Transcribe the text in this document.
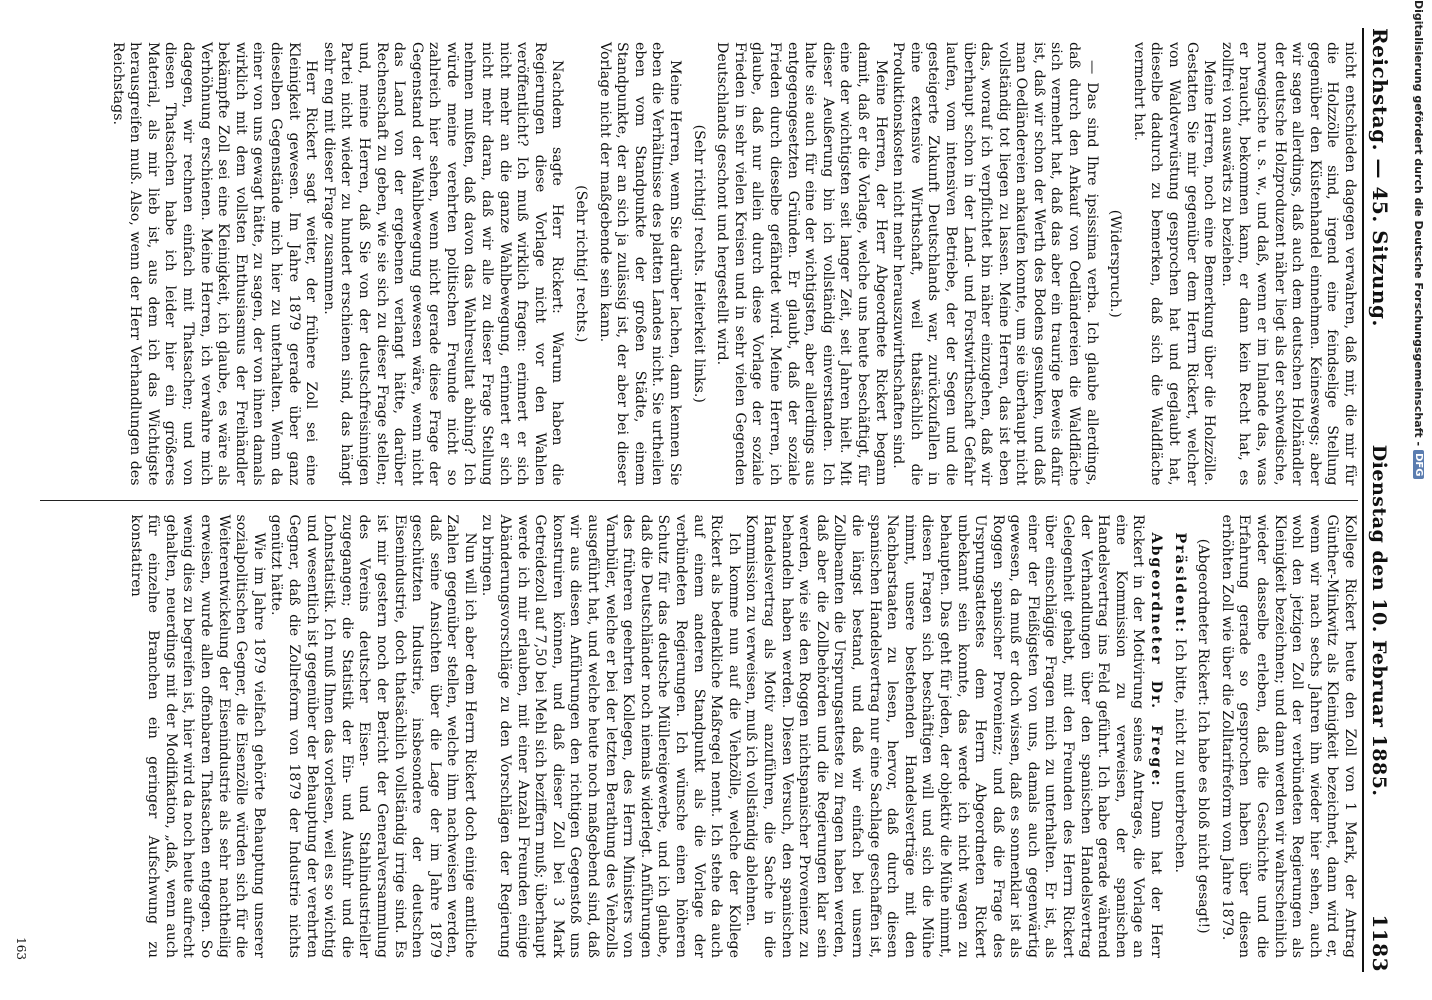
Reichstag. — 45. Sitzung.
Dienstag den 10. Februar 1885.
1183

nicht entschieden dagegen verwahren, daß mir, die mir für die Holzzölle sind, irgend eine feindselige Stellung gegenüber den Küstenhandel einnehmen. Keineswegs; aber wir sagen allerdings, daß auch dem deutschen Holzhändler der deutsche Holzproduzent näher liegt als der schwedische, norwegische u. s. w., und daß, wenn er im Inlande das, was er braucht, bekommen kann, er dann kein Recht hat, es zollfrei von auswärts zu beziehen.

Meine Herren, noch eine Bemerkung über die Holzzölle. Gestatten Sie mir gegenüber dem Herrn Rickert, welcher von Waldverwüstung gesprochen hat und geglaubt hat, dieselbe dadurch zu bemerken, daß sich die Waldfläche vermehrt hat.

(Widerspruch.)

— Das sind Ihre ipsissima verba. Ich glaube allerdings, daß durch den Ankauf von Oedländereien die Waldfläche sich vermehrt hat, daß das aber ein traurige Beweis dafür ist, daß wir schon der Werth des Bodens gesunken, und daß man Oedländereien ankaufen konnte, um sie überhaupt nicht vollständig tot liegen zu lassen. Meine Herren, das ist eben das, worauf ich verpflichtet bin näher einzugehen, daß wir überhaupt schon in der Land- und Forstwirthschaft Gefahr laufen, vom intensiven Betriebe, der der Segen und die gesteigerte Zukunft Deutschlands war, zurückzufallen in eine extensive Wirthschaft, weil thatsächlich die Produktionskosten nicht mehr herauszuwirthschaften sind.

Meine Herren, der Herr Abgeordnete Rickert begann damit, daß er die Vorlage, welche uns heute beschäftigt, für eine der wichtigsten seit langer Zeit, seit Jahren hielt. Mit dieser Aeußerung bin ich vollständig einverstanden. Ich halte sie auch für eine der wichtigsten, aber allerdings aus entgegengesetzten Gründen. Er glaubt, daß der soziale Frieden durch dieselbe gefährdet wird. Meine Herren, ich glaube, daß nur allein durch diese Vorlage der soziale Frieden in sehr vielen Kreisen und in sehr vielen Gegenden Deutschlands geschont und hergestellt wird.

(Sehr richtig! rechts. Heiterkeit links.)

Meine Herren, wenn Sie darüber lachen, dann kennen Sie eben die Verhältnisse des platten Landes nicht. Sie urtheilen eben vom Standpunkte der großen Städte, einem Standpunkte, der an sich ja zulässig ist, der aber bei dieser Vorlage nicht der maßgebende sein kann.

(Sehr richtig! rechts.)

Nachdem sagte Herr Rickert: Warum haben die Regierungen diese Vorlage nicht vor den Wahlen veröffentlicht? Ich muß wirklich fragen: erinnert er sich nicht mehr an die ganze Wahlbewegung, erinnert er sich nicht mehr daran, daß wir alle zu dieser Frage Stellung nehmen mußten, daß davon das Wahlresultat abhing? Ich würde meine verehrten politischen Freunde nicht so zahlreich hier sehen, wenn nicht gerade diese Frage der Gegenstand der Wahlbewegung gewesen wäre, wenn nicht das Land von der ergebenen verlangt hätte, darüber Rechenschaft zu geben, wie sie sich zu dieser Frage stellen; und, meine Herren, daß Sie von der deutschfreisinnigen Partei nicht wieder zu hundert erschienen sind, das hängt sehr eng mit dieser Frage zusammen.

Herr Rickert sagt weiter, der frühere Zoll sei eine Kleinigkeit gewesen. Im Jahre 1879 gerade über ganz dieselben Gegenstände mich hier zu unterhalten. Wenn da einer von uns gewagt hätte, zu sagen, der von ihnen damals wirklich mit dem vollsten Enthusiasmus der Freihändler bekämpfte Zoll sei eine Kleinigkeit, ich glaube, es wäre als Verhöhnung erschienen. Meine Herren, ich verwahre mich dagegen, wir rechnen einfach mit Thatsachen; und von diesen Thatsachen habe ich leider hier ein größeres Material, als mir lieb ist, aus dem ich das Wichtigste herausgreifen muß. Also, wenn der Herr Verhandlungen des Reichstags.

Kollege Rickert heute den Zoll von 1 Mark, der Antrag Günther-Minkwitz als Kleinigkeit bezeichnet, dann wird er, wenn wir nach sechs Jahren ihn wieder hier sehen, auch wohl den jetzigen Zoll der verbündeten Regierungen als Kleinigkeit bezeichnen; und dann werden wir wahrscheinlich wieder dasselbe erleben, daß die Geschichte und die Erfahrung gerade so gesprochen haben über diesen erhöhten Zoll wie über die Zolltarifreform vom Jahre 1879.

(Abgeordneter Rickert: Ich habe es bloß nicht gesagt!)

Präsident: Ich bitte, nicht zu unterbrechen.

Abgeordneter Dr. Frege: Dann hat der Herr Rickert in der Motivirung seines Antrages, die Vorlage an eine Kommission zu verweisen, der spanischen Handelsvertrag ins Feld geführt. Ich habe gerade während der Verhandlungen über den spanischen Handelsvertrag Gelegenheit gehabt, mit den Freunden des Herrn Rickert über einschlägige Fragen mich zu unterhalten. Er ist, als einer der Fleißigsten von uns, damals auch gegenwärtig gewesen, da muß er doch wissen, daß es sonnenklar ist als Roggen spanischer Provenienz; und daß die Frage des Ursprungsattestes dem Herrn Abgeordneten Rickert unbekannt sein konnte, das werde ich nicht wagen zu behaupten. Das geht für jeden, der objektiv die Mühe nimmt, diesen Fragen sich beschäftigen will und sich die Mühe nimmt, unsere bestehenden Handelsverträge mit den Nachbarstaaten zu lesen, hervor, daß durch diesen spanischen Handelsvertrag nur eine Sachlage geschaffen ist, die längst bestand, und daß wir einfach bei unsern Zollbeamten die Ursprungsatteste zu fragen haben werden, daß aber die Zollbehörden und die Regierungen klar sein werden, wie sie den Roggen nichtspanischer Provenienz zu behandeln haben werden. Diesen Versuch, den spanischen Handelsvertrag als Motiv anzuführen, die Sache in die Kommission zu verweisen, muß ich vollständig ablehnen.

Ich komme nun auf die Viehzölle, welche der Kollege Rickert als bedenkliche Maßregel nennt. Ich stehe da auch auf einem anderen Standpunkt als die Vorlage der verbündeten Regierungen. Ich wünsche einen höheren Schutz für das deutsche Müllereigewerbe, und ich glaube, daß die Deutschländer noch niemals widerlegt. Anführungen des früheren geehrten Kollegen, des Herrn Ministers von Varnbüler, welche er bei der letzten Berathung des Viehzolls ausgeführt hat, und welche heute noch maßgebend sind, daß wir aus diesen Anführungen den richtigen Gegenstoß uns konstruiren können, und daß dieser Zoll bei 3 Mark Getreidezoll auf 7,50 bei Mehl sich beziffern muß; überhaupt werde ich mir erlauben, mit einer Anzahl Freunden einige Abänderungsvorschläge zu den Vorschlägen der Regierung zu bringen.

Nun will ich aber dem Herrn Rickert doch einige amtliche Zahlen gegenüber stellen, welche ihm nachweisen werden, daß seine Ansichten über die Lage der im Jahre 1879 geschützten Industrie, insbesondere der deutschen Eisenindustrie, doch thatsächlich vollständig irrige sind. Es ist mir gestern noch der Bericht der Generalversammlung des Vereins deutscher Eisen- und Stahlindustrieller zugegangen; die Statistik der Ein- und Ausfuhr und die Lohnstatistik. Ich muß Ihnen das vorlesen, weil es so wichtig und wesentlich ist gegenüber der Behauptung der verehrten Gegner, daß die Zollreform von 1879 der Industrie nichts genützt hätte.

Wie im Jahre 1879 vielfach gehörte Behauptung unserer sozialpolitischen Gegner, die Eisenzölle würden sich für die Weiterentwickelung der Eisenindustrie als sehr nachtheilig erweisen, wurde allen offenbaren Thatsachen entgegen. So wenig dies zu begreifen ist, hier wird da noch heute aufrecht gehalten, neuerdings mit der Modifikation, „daß, wenn auch für einzelne Branchen ein geringer Aufschwung zu konstatiren

163
Digitalisierung gefördert durch die Deutsche Forschungsgemeinschaft -
DFG
